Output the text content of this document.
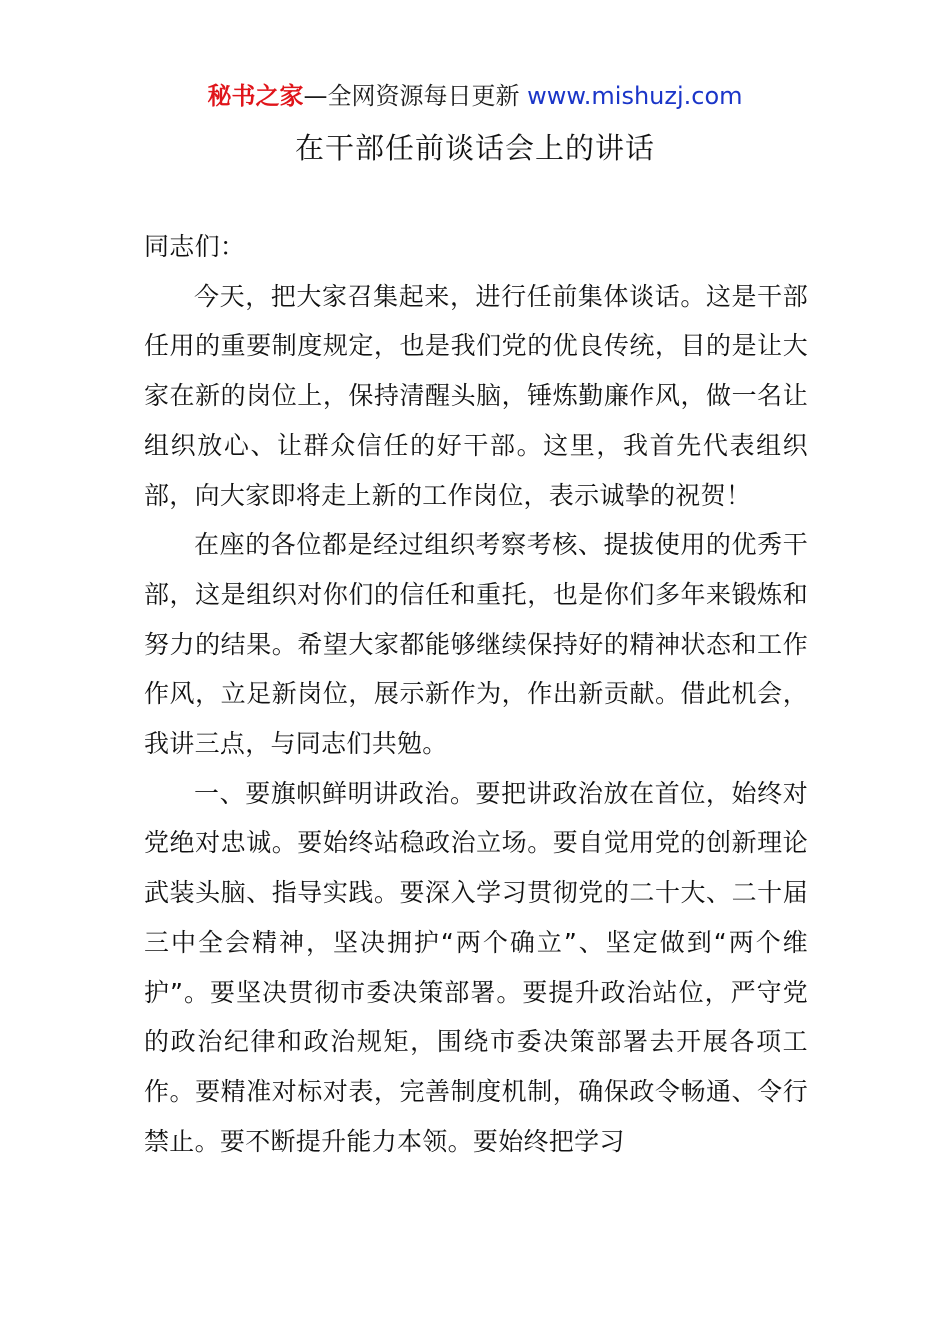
秘书之家—全网资源每日更新 www.mishuzj.com
在干部任前谈话会上的讲话

同志们：

今天，把大家召集起来，进行任前集体谈话。这是干部任用的重要制度规定，也是我们党的优良传统，目的是让大家在新的岗位上，保持清醒头脑，锤炼勤廉作风，做一名让组织放心、让群众信任的好干部。这里，我首先代表组织部，向大家即将走上新的工作岗位，表示诚挚的祝贺！

在座的各位都是经过组织考察考核、提拔使用的优秀干部，这是组织对你们的信任和重托，也是你们多年来锻炼和努力的结果。希望大家都能够继续保持好的精神状态和工作作风，立足新岗位，展示新作为，作出新贡献。借此机会，我讲三点，与同志们共勉。

一、要旗帜鲜明讲政治。要把讲政治放在首位，始终对党绝对忠诚。要始终站稳政治立场。要自觉用党的创新理论武装头脑、指导实践。要深入学习贯彻党的二十大、二十届三中全会精神，坚决拥护“两个确立”、坚定做到“两个维护”。要坚决贯彻市委决策部署。要提升政治站位，严守党的政治纪律和政治规矩，围绕市委决策部署去开展各项工作。要精准对标对表，完善制度机制，确保政令畅通、令行禁止。要不断提升能力本领。要始终把学习
